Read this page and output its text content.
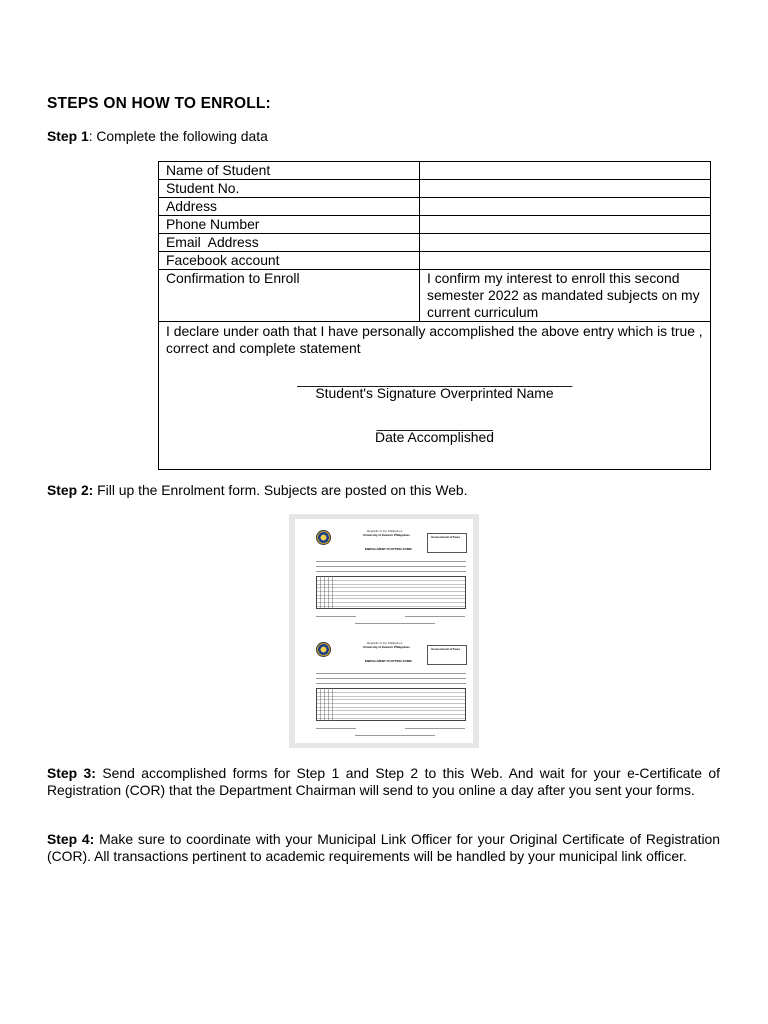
STEPS ON HOW TO ENROLL:
Step 1: Complete the following data
Name of Student	
Student No.	
Address	
Phone Number	
Email  Address	
Facebook account	
Confirmation to Enroll	I confirm my interest to enroll this second semester 2022 as mandated subjects on my current curriculum

I declare under oath that I have personally accomplished the above entry which is true , correct and complete statement
______________________________________
Student's Signature Overprinted Name
________________
Date Accomplished	
Step 2: Fill up the Enrolment form. Subjects are posted on this Web.
Republic of the Philippines
University of Eastern Philippines
ENROLLMENT PLOTTING FORM
Assessment of Fees
Republic of the Philippines
University of Eastern Philippines
ENROLLMENT PLOTTING FORM
Assessment of Fees
Step 3: Send accomplished forms for Step 1 and Step 2 to this Web. And wait for your e-Certificate of Registration (COR) that the Department Chairman will send to you online a day after you sent your forms.
Step 4: Make sure to coordinate with your Municipal Link Officer for your Original Certificate of Registration (COR). All transactions pertinent to academic requirements will be handled by your municipal link officer.
